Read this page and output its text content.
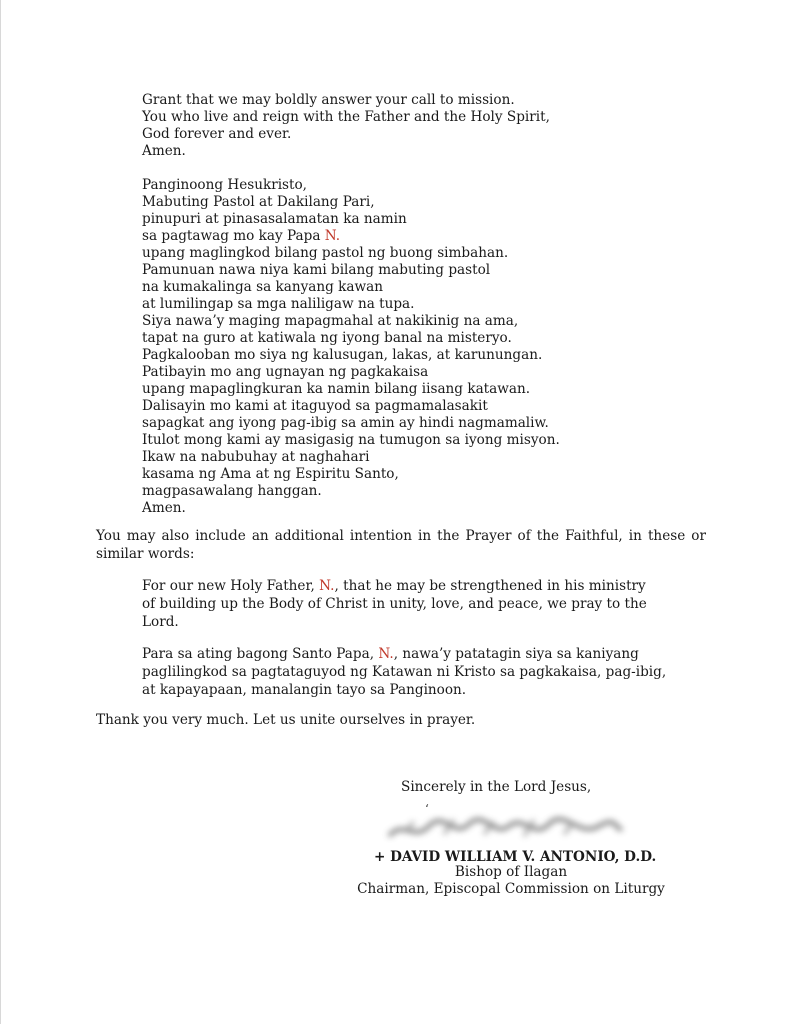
Grant that we may boldly answer your call to mission.
You who live and reign with the Father and the Holy Spirit,
God forever and ever.
Amen.
Panginoong Hesukristo,
Mabuting Pastol at Dakilang Pari,
pinupuri at pinasasalamatan ka namin
sa pagtawag mo kay Papa N.
upang maglingkod bilang pastol ng buong simbahan.
Pamunuan nawa niya kami bilang mabuting pastol
na kumakalinga sa kanyang kawan
at lumilingap sa mga naliligaw na tupa.
Siya nawa’y maging mapagmahal at nakikinig na ama,
tapat na guro at katiwala ng iyong banal na misteryo.
Pagkalooban mo siya ng kalusugan, lakas, at karunungan.
Patibayin mo ang ugnayan ng pagkakaisa
upang mapaglingkuran ka namin bilang iisang katawan.
Dalisayin mo kami at itaguyod sa pagmamalasakit
sapagkat ang iyong pag-ibig sa amin ay hindi nagmamaliw.
Itulot mong kami ay masigasig na tumugon sa iyong misyon.
Ikaw na nabubuhay at naghahari
kasama ng Ama at ng Espiritu Santo,
magpasawalang hanggan.
Amen.

You may also include an additional intention in the Prayer of the Faithful, in these or similar words:

For our new Holy Father, N., that he may be strengthened in his ministry of building up the Body of Christ in unity, love, and peace, we pray to the Lord.

Para sa ating bagong Santo Papa, N., nawa’y patatagin siya sa kaniyang paglilingkod sa pagtataguyod ng Katawan ni Kristo sa pagkakaisa, pag-ibig, at kapayapaan, manalangin tayo sa Panginoon.

Thank you very much. Let us unite ourselves in prayer.

Sincerely in the Lord Jesus,
‘
+ DAVID WILLIAM V. ANTONIO, D.D.
Bishop of Ilagan
Chairman, Episcopal Commission on Liturgy
